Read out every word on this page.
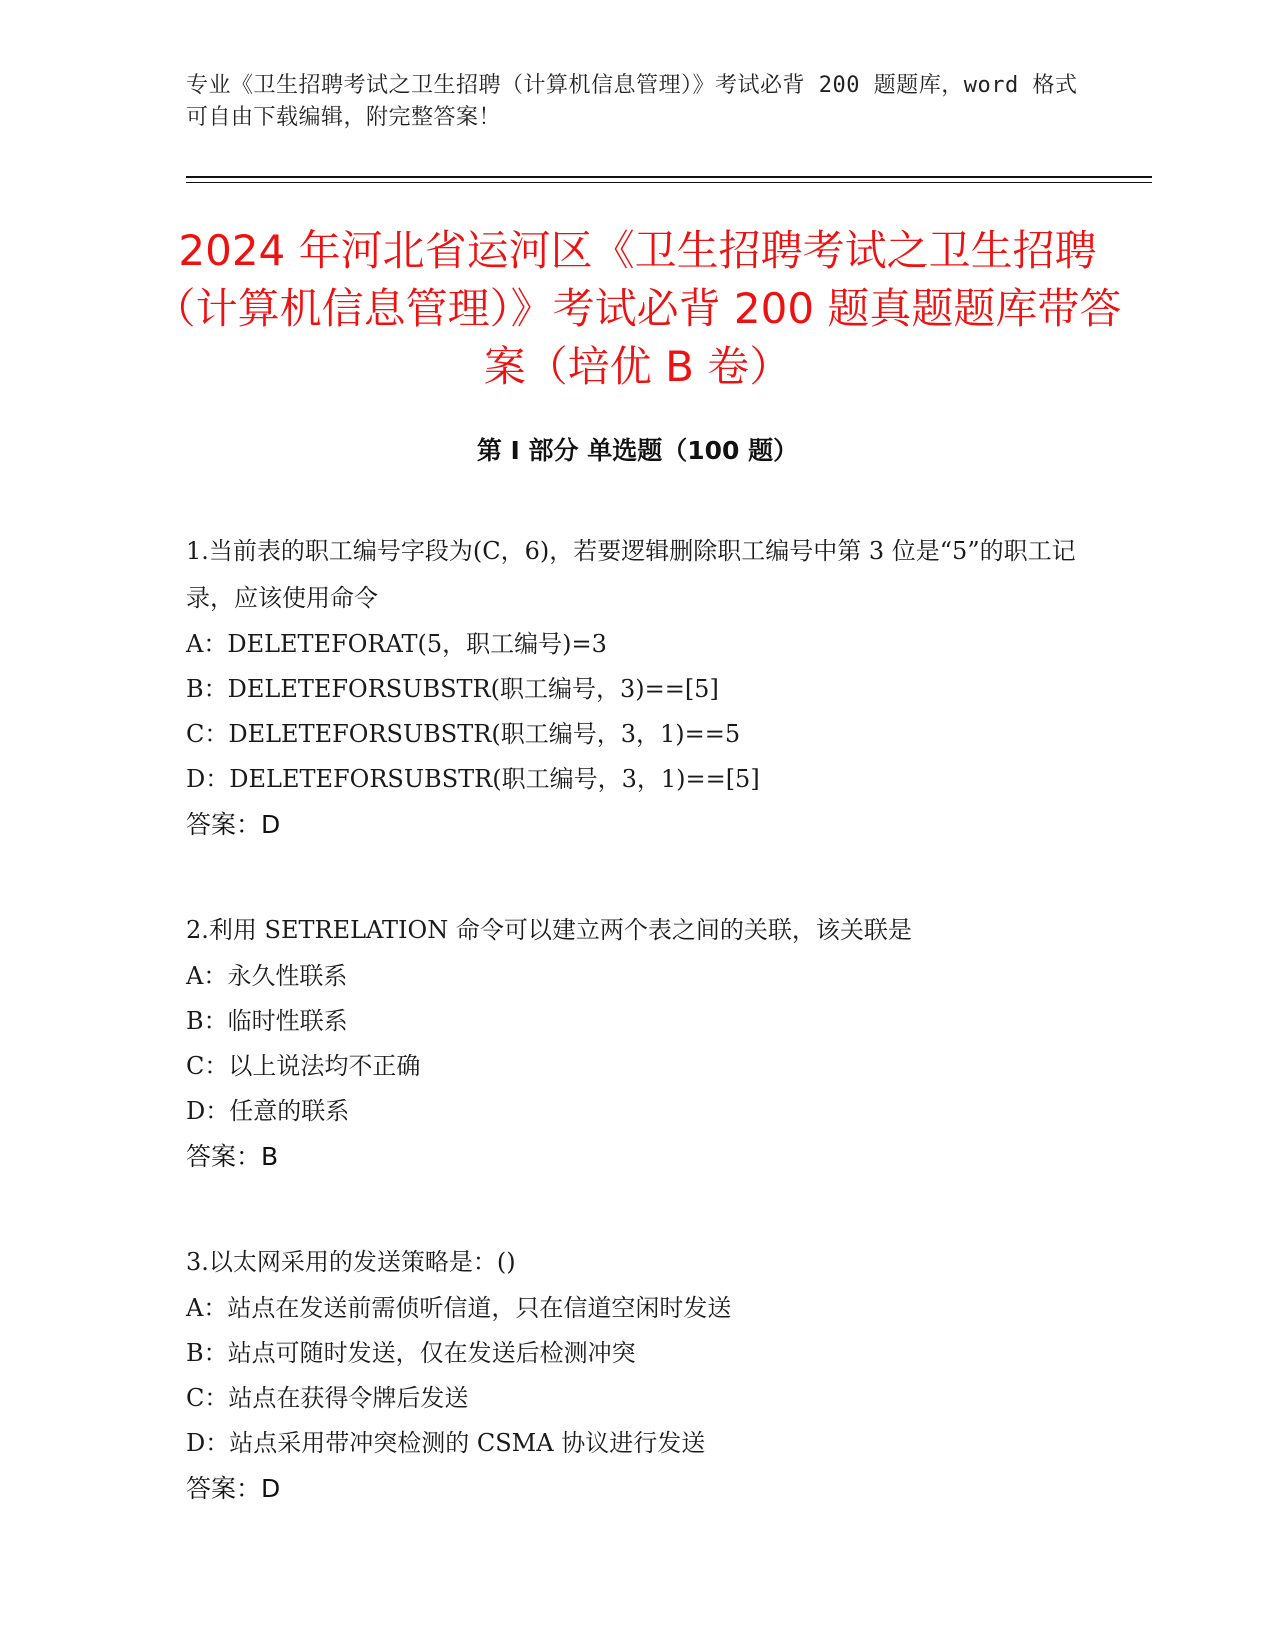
专业《卫生招聘考试之卫生招聘（计算机信息管理）》考试必背 200 题题库，word 格式可自由下载编辑，附完整答案！
2024 年河北省运河区《卫生招聘考试之卫生招聘（计算机信息管理）》考试必背 200 题真题题库带答案（培优 B 卷）
第 I 部分 单选题（100 题）
1.当前表的职工编号字段为(C，6)，若要逻辑删除职工编号中第 3 位是“5”的职工记录，应该使用命令
A：DELETEFORAT(5，职工编号)=3
B：DELETEFORSUBSTR(职工编号，3)==[5]
C：DELETEFORSUBSTR(职工编号，3，1)==5
D：DELETEFORSUBSTR(职工编号，3，1)==[5]
答案：D
2.利用 SETRELATION 命令可以建立两个表之间的关联，该关联是
A：永久性联系
B：临时性联系
C：以上说法均不正确
D：任意的联系
答案：B
3.以太网采用的发送策略是：()
A：站点在发送前需侦听信道，只在信道空闲时发送
B：站点可随时发送，仅在发送后检测冲突
C：站点在获得令牌后发送
D：站点采用带冲突检测的 CSMA 协议进行发送
答案：D
